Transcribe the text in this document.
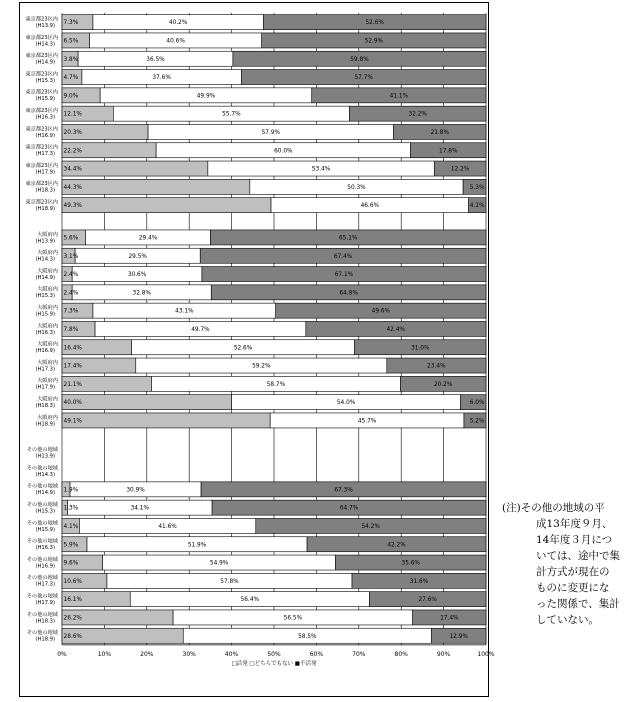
東京都23区内
(H13.9) 7.3%	40.2%	52.6%
東京都23区内
(H14.3) 6.5%	40.6%	52.9%
東京都23区内
(H14.9) 3.8%	36.5%	59.8%
東京都23区内
(H15.3) 4.7%	37.6%	57.7%
東京都23区内
(H15.9) 9.0%	49.9%	41.1%
東京都23区内
(H16.3) 12.1%	55.7%	32.2%
東京都23区内
(H16.9) 20.3%	57.9%	21.8%
東京都23区内
(H17.3) 22.2%	60.0%	17.8%
東京都23区内
(H17.9) 34.4%	53.4%	12.2%
東京都23区内
(H18.3) 44.3%	50.3%	5.3%
東京都23区内
(H18.9) 49.3%	46.6%	4.1%
大阪府内
(H13.9) 5.6%	29.4%	65.1%
大阪府内
(H14.3) 3.1%	29.5%	67.4%
大阪府内
(H14.9) 2.4%	30.6%	67.1%
大阪府内
(H15.3) 2.4%	32.8%	64.8%
大阪府内
(H15.9) 7.3%	43.1%	49.6%
大阪府内
(H16.3) 7.8%	49.7%	42.4%
大阪府内
(H16.9) 16.4%	52.6%	31.0%
大阪府内
(H17.3) 17.4%	59.2%	23.4%
大阪府内
(H17.9) 21.1%	58.7%	20.2%
大阪府内
(H18.3) 40.0%	54.0%	6.0%
大阪府内
(H18.9) 49.1%	45.7%	5.2%
その他の地域
(H13.9)
その他の地域
(H14.3)
その他の地域
(H14.9) 1.9%	30.9%	67.3%
その他の地域
(H15.3) 1.3%	34.1%	64.7%
その他の地域
(H15.9) 4.1%	41.6%	54.2%
その他の地域
(H16.3) 5.9%	51.9%	42.2%
その他の地域
(H16.9) 9.6%	54.9%	35.6%
その他の地域
(H17.3) 10.6%	57.8%	31.6%
その他の地域
(H17.9) 16.1%	56.4%	27.6%
その他の地域
(H18.3) 26.2%	56.5%	17.4%
その他の地域
(H18.9) 28.6%	58.5%	12.9%
0%	10%	20%	30%	40%	50%	60%	70%	80%	90%	100%
□活発 □どちらでもない ■不活発
(注) その他の地域の平
成13年度９月、
14年度３月につ
いては、途中で集
計方式が現在の
ものに変更にな
った関係で、集計
していない。
